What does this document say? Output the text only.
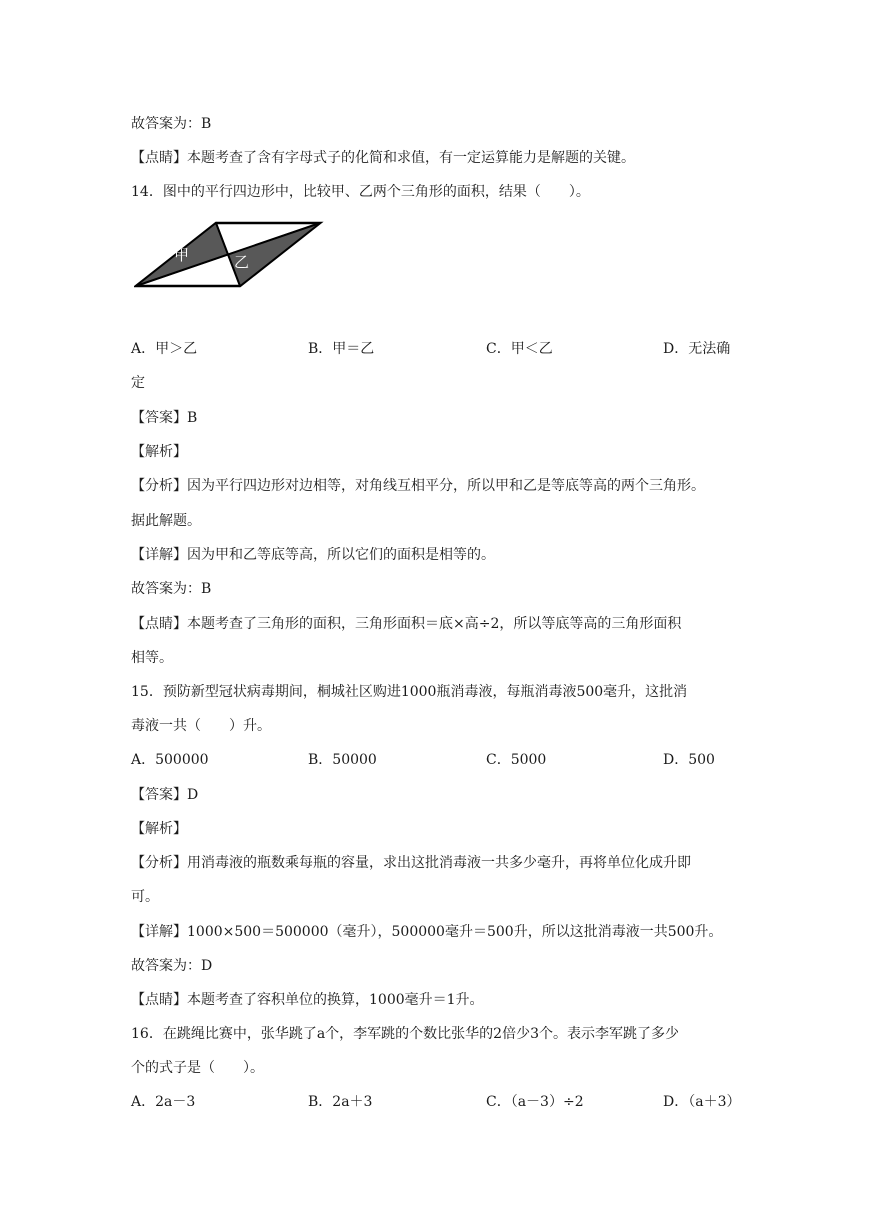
故答案为：B
【点睛】本题考查了含有字母式子的化简和求值，有一定运算能力是解题的关键。
14．图中的平行四边形中，比较甲、乙两个三角形的面积，结果（　　）。
甲	乙
A．甲＞乙	B．甲＝乙	C．甲＜乙	D．无法确
定
【答案】B
【解析】
【分析】因为平行四边形对边相等，对角线互相平分，所以甲和乙是等底等高的两个三角形。
据此解题。
【详解】因为甲和乙等底等高，所以它们的面积是相等的。
故答案为：B
【点睛】本题考查了三角形的面积，三角形面积＝底×高÷2，所以等底等高的三角形面积
相等。
15．预防新型冠状病毒期间，桐城社区购进1000瓶消毒液，每瓶消毒液500毫升，这批消
毒液一共（　　）升。
A．500000	B．50000	C．5000	D．500
【答案】D
【解析】
【分析】用消毒液的瓶数乘每瓶的容量，求出这批消毒液一共多少毫升，再将单位化成升即
可。
【详解】1000×500＝500000（毫升），500000毫升＝500升，所以这批消毒液一共500升。
故答案为：D
【点睛】本题考查了容积单位的换算，1000毫升＝1升。
16．在跳绳比赛中，张华跳了a个，李军跳的个数比张华的2倍少3个。表示李军跳了多少
个的式子是（　　）。
A．2a－3	B．2a＋3	C．（a－3）÷2	D．（a＋3）
